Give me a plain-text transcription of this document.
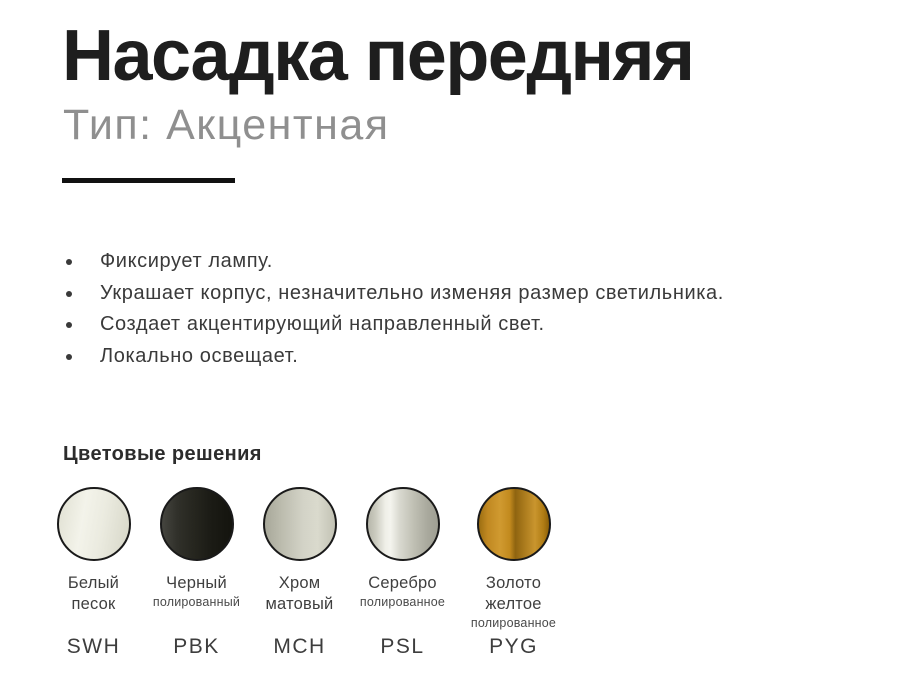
Насадка передняя
Тип: Акцентная
Фиксирует лампу.
Украшает корпус, незначительно изменяя размер светильника.
Создает акцентирующий направленный свет.
Локально освещает.
Цветовые решения
Белый
песок
SWH
Черный
полированный
PBK
Хром
матовый
MCH
Серебро
полированное
PSL
Золото
желтое
полированное
PYG
